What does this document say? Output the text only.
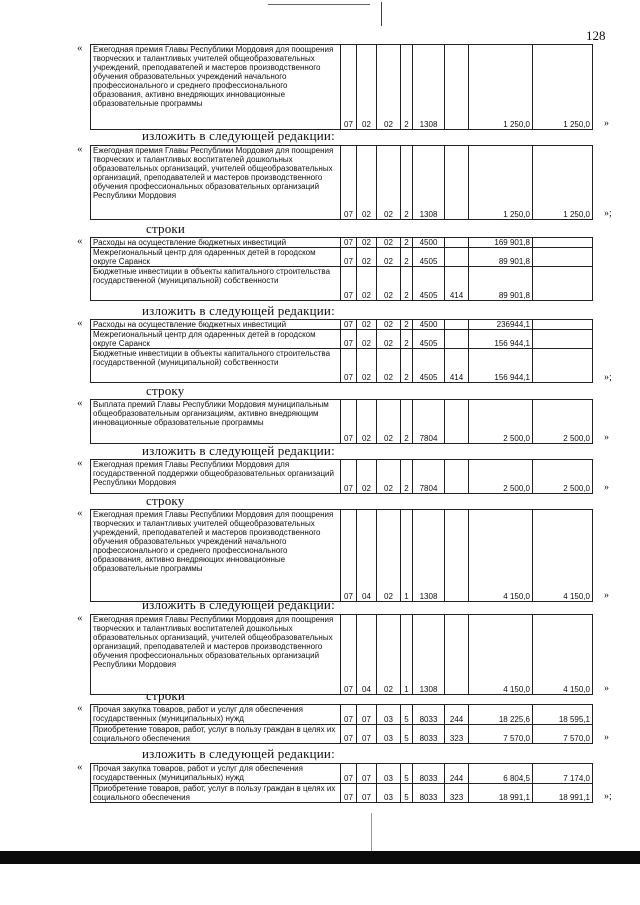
128
изложить в следующей редакции:
строки
изложить в следующей редакции:
строку
изложить в следующей редакции:
строку
изложить в следующей редакции:
строки
изложить в следующей редакции:
Ежегодная премия Главы Республики Мордовия для поощрения творческих и талантливых учителей общеобразовательных учреждений, преподавателей и мастеров производственного обучения образовательных учреждений начального профессионального и среднего профессионального образования, активно внедряющих инновационные образовательные программы	07	02	02	2	1308		1 250,0	1 250,0
«
»
Ежегодная премия Главы Республики Мордовия для поощрения творческих и талантливых воспитателей дошкольных образовательных организаций, учителей общеобразовательных организаций, преподавателей и мастеров производственного обучения профессиональных образовательных организаций Республики Мордовия	07	02	02	2	1308		1 250,0	1 250,0
«
»;
Расходы на осуществление бюджетных инвестиций	07	02	02	2	4500		169 901,8	
Межрегиональный центр для одаренных детей в городском округе Саранск	07	02	02	2	4505		89 901,8	
Бюджетные инвестиции в объекты капитального строительства государственной (муниципальной) собственности	07	02	02	2	4505	414	89 901,8	
«
Расходы на осуществление бюджетных инвестиций	07	02	02	2	4500		236944,1	
Межрегиональный центр для одаренных детей в городском округе Саранск	07	02	02	2	4505		156 944,1	
Бюджетные инвестиции в объекты капитального строительства государственной (муниципальной) собственности	07	02	02	2	4505	414	156 944,1	
«
»;
Выплата премий Главы Республики Мордовия муниципальным общеобразовательным организациям, активно внедряющим инновационные образовательные программы	07	02	02	2	7804		2 500,0	2 500,0
«
»
Ежегодная премия Главы Республики Мордовия для государственной поддержки общеобразовательных организаций Республики Мордовия	07	02	02	2	7804		2 500,0	2 500,0
«
»
Ежегодная премия Главы Республики Мордовия для поощрения творческих и талантливых учителей общеобразовательных учреждений, преподавателей и мастеров производственного обучения образовательных учреждений начального профессионального и среднего профессионального образования, активно внедряющих инновационные образовательные программы	07	04	02	1	1308		4 150,0	4 150,0
«
»
Ежегодная премия Главы Республики Мордовия для поощрения творческих и талантливых воспитателей дошкольных образовательных организаций, учителей общеобразовательных организаций, преподавателей и мастеров производственного обучения профессиональных образовательных организаций Республики Мордовия	07	04	02	1	1308		4 150,0	4 150,0
«
»
Прочая закупка товаров, работ и услуг для обеспечения государственных (муниципальных) нужд	07	07	03	5	8033	244	18 225,6	18 595,1
Приобретение товаров, работ, услуг в пользу граждан в целях их социального обеспечения	07	07	03	5	8033	323	7 570,0	7 570,0
«
»
Прочая закупка товаров, работ и услуг для обеспечения государственных (муниципальных) нужд	07	07	03	5	8033	244	6 804,5	7 174,0
Приобретение товаров, работ, услуг в пользу граждан в целях их социального обеспечения	07	07	03	5	8033	323	18 991,1	18 991,1
«
»;
